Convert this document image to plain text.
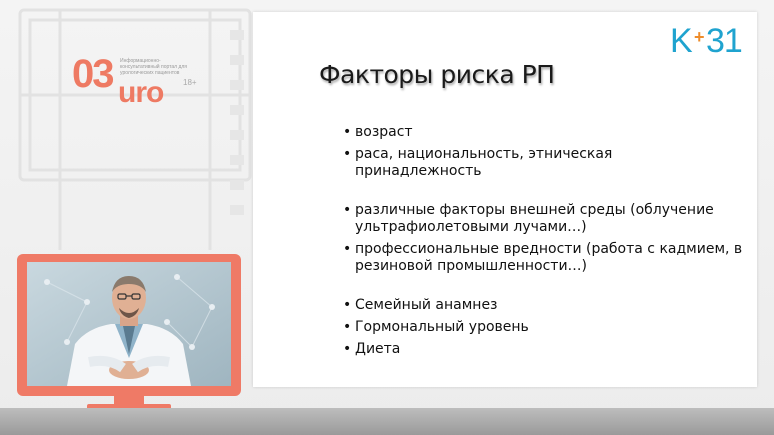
03 Информационно-консультативный портал для урологических пациентов
uro 18+
K + 31
Факторы риска РП
• возраст
• раса, национальность, этническая принадлежность
• различные факторы внешней среды (облучение ультрафиолетовыми лучами…)
• профессиональные вредности (работа с кадмием, в резиновой промышленности…)
• Семейный анамнез
• Гормональный уровень
• Диета
